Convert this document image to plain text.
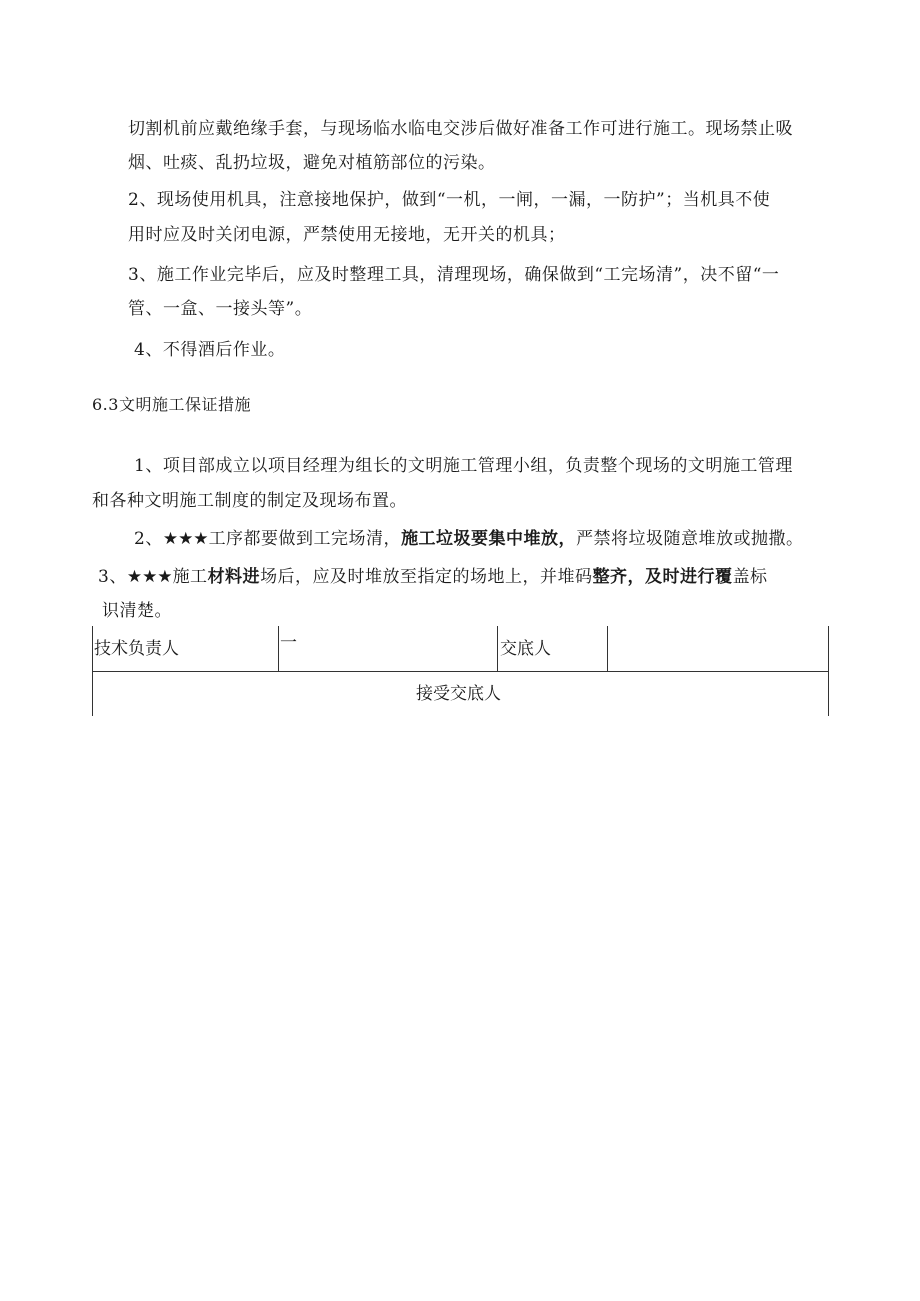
切割机前应戴绝缘手套，与现场临水临电交涉后做好准备工作可进行施工。现场禁止吸
烟、吐痰、乱扔垃圾，避免对植筋部位的污染。
2、现场使用机具，注意接地保护，做到“一机，一闸，一漏，一防护”；当机具不使
用时应及时关闭电源，严禁使用无接地，无开关的机具；
3、施工作业完毕后，应及时整理工具，清理现场，确保做到“工完场清”，决不留“一
管、一盒、一接头等”。
4、不得酒后作业。
6.3文明施工保证措施
1、项目部成立以项目经理为组长的文明施工管理小组，负责整个现场的文明施工管理
和各种文明施工制度的制定及现场布置。
2、★★★工序都要做到工完场清，施工垃圾要集中堆放，严禁将垃圾随意堆放或抛撒。
3、★★★施工材料进场后，应及时堆放至指定的场地上，并堆码整齐，及时进行覆盖标
识清楚。
技术负责人	一	交底人
接受交底人
